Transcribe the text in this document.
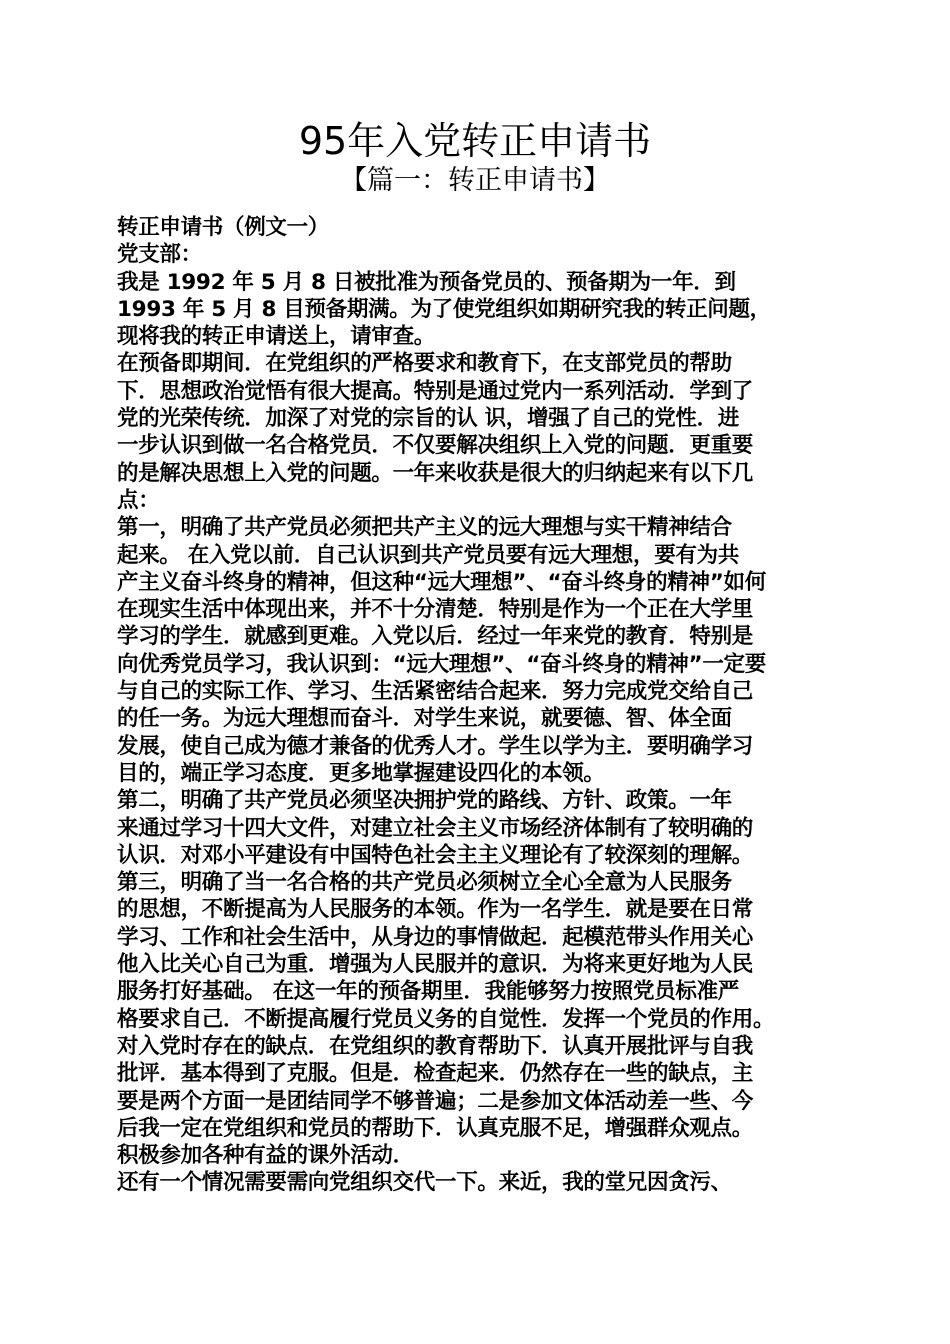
95年入党转正申请书
【篇一：转正申请书】
转正申请书（例文一）
党支部：
我是 1992 年 5 月 8 日被批准为预备党员的、预备期为一年．到
1993 年 5 月 8 目预备期满。为了使党组织如期研究我的转正问题，
现将我的转正申请送上，请审查。
在预备即期间．在党组织的严格要求和教育下，在支部党员的帮助
下．思想政治觉悟有很大提高。特别是通过党内一系列活动．学到了
党的光荣传统．加深了对党的宗旨的认 识，增强了自己的党性．进
一步认识到做一名合格党员．不仅要解决组织上入党的问题．更重要
的是解决思想上入党的问题。一年来收获是很大的归纳起来有以下几
点：
第一，明确了共产党员必须把共产主义的远大理想与实干精神结合
起来。 在入党以前．自己认识到共产党员要有远大理想，要有为共
产主义奋斗终身的精神，但这种“远大理想”、“奋斗终身的精神”如何
在现实生活中体现出来，并不十分清楚．特别是作为一个正在大学里
学习的学生．就感到更难。入党以后．经过一年来党的教育．特别是
向优秀党员学习，我认识到：“远大理想”、“奋斗终身的精神”一定要
与自己的实际工作、学习、生活紧密结合起来．努力完成党交给自己
的任一务。为远大理想而奋斗．对学生来说，就要德、智、体全面
发展，使自己成为德才兼备的优秀人才。学生以学为主．要明确学习
目的，端正学习态度．更多地掌握建设四化的本领。
第二，明确了共产党员必须坚决拥护党的路线、方针、政策。一年
来通过学习十四大文件，对建立社会主义市场经济体制有了较明确的
认识．对邓小平建设有中国特色社会主主义理论有了较深刻的理解。
第三，明确了当一名合格的共产党员必须树立全心全意为人民服务
的思想，不断提高为人民服务的本领。作为一名学生．就是要在日常
学习、工作和社会生活中，从身边的事情做起．起模范带头作用关心
他入比关心自己为重．增强为人民服并的意识．为将来更好地为人民
服务打好基础。 在这一年的预备期里．我能够努力按照党员标准严
格要求自己．不断提高履行党员义务的自觉性．发挥一个党员的作用。
对入党时存在的缺点．在党组织的教育帮助下．认真开展批评与自我
批评．基本得到了克服。但是．检查起来．仍然存在一些的缺点，主
要是两个方面一是团结同学不够普遍；二是参加文体活动差一些、今
后我一定在党组织和党员的帮助下．认真克服不足，增强群众观点。
积极参加各种有益的课外活动．
还有一个情况需要需向党组织交代一下。来近，我的堂兄因贪污、
